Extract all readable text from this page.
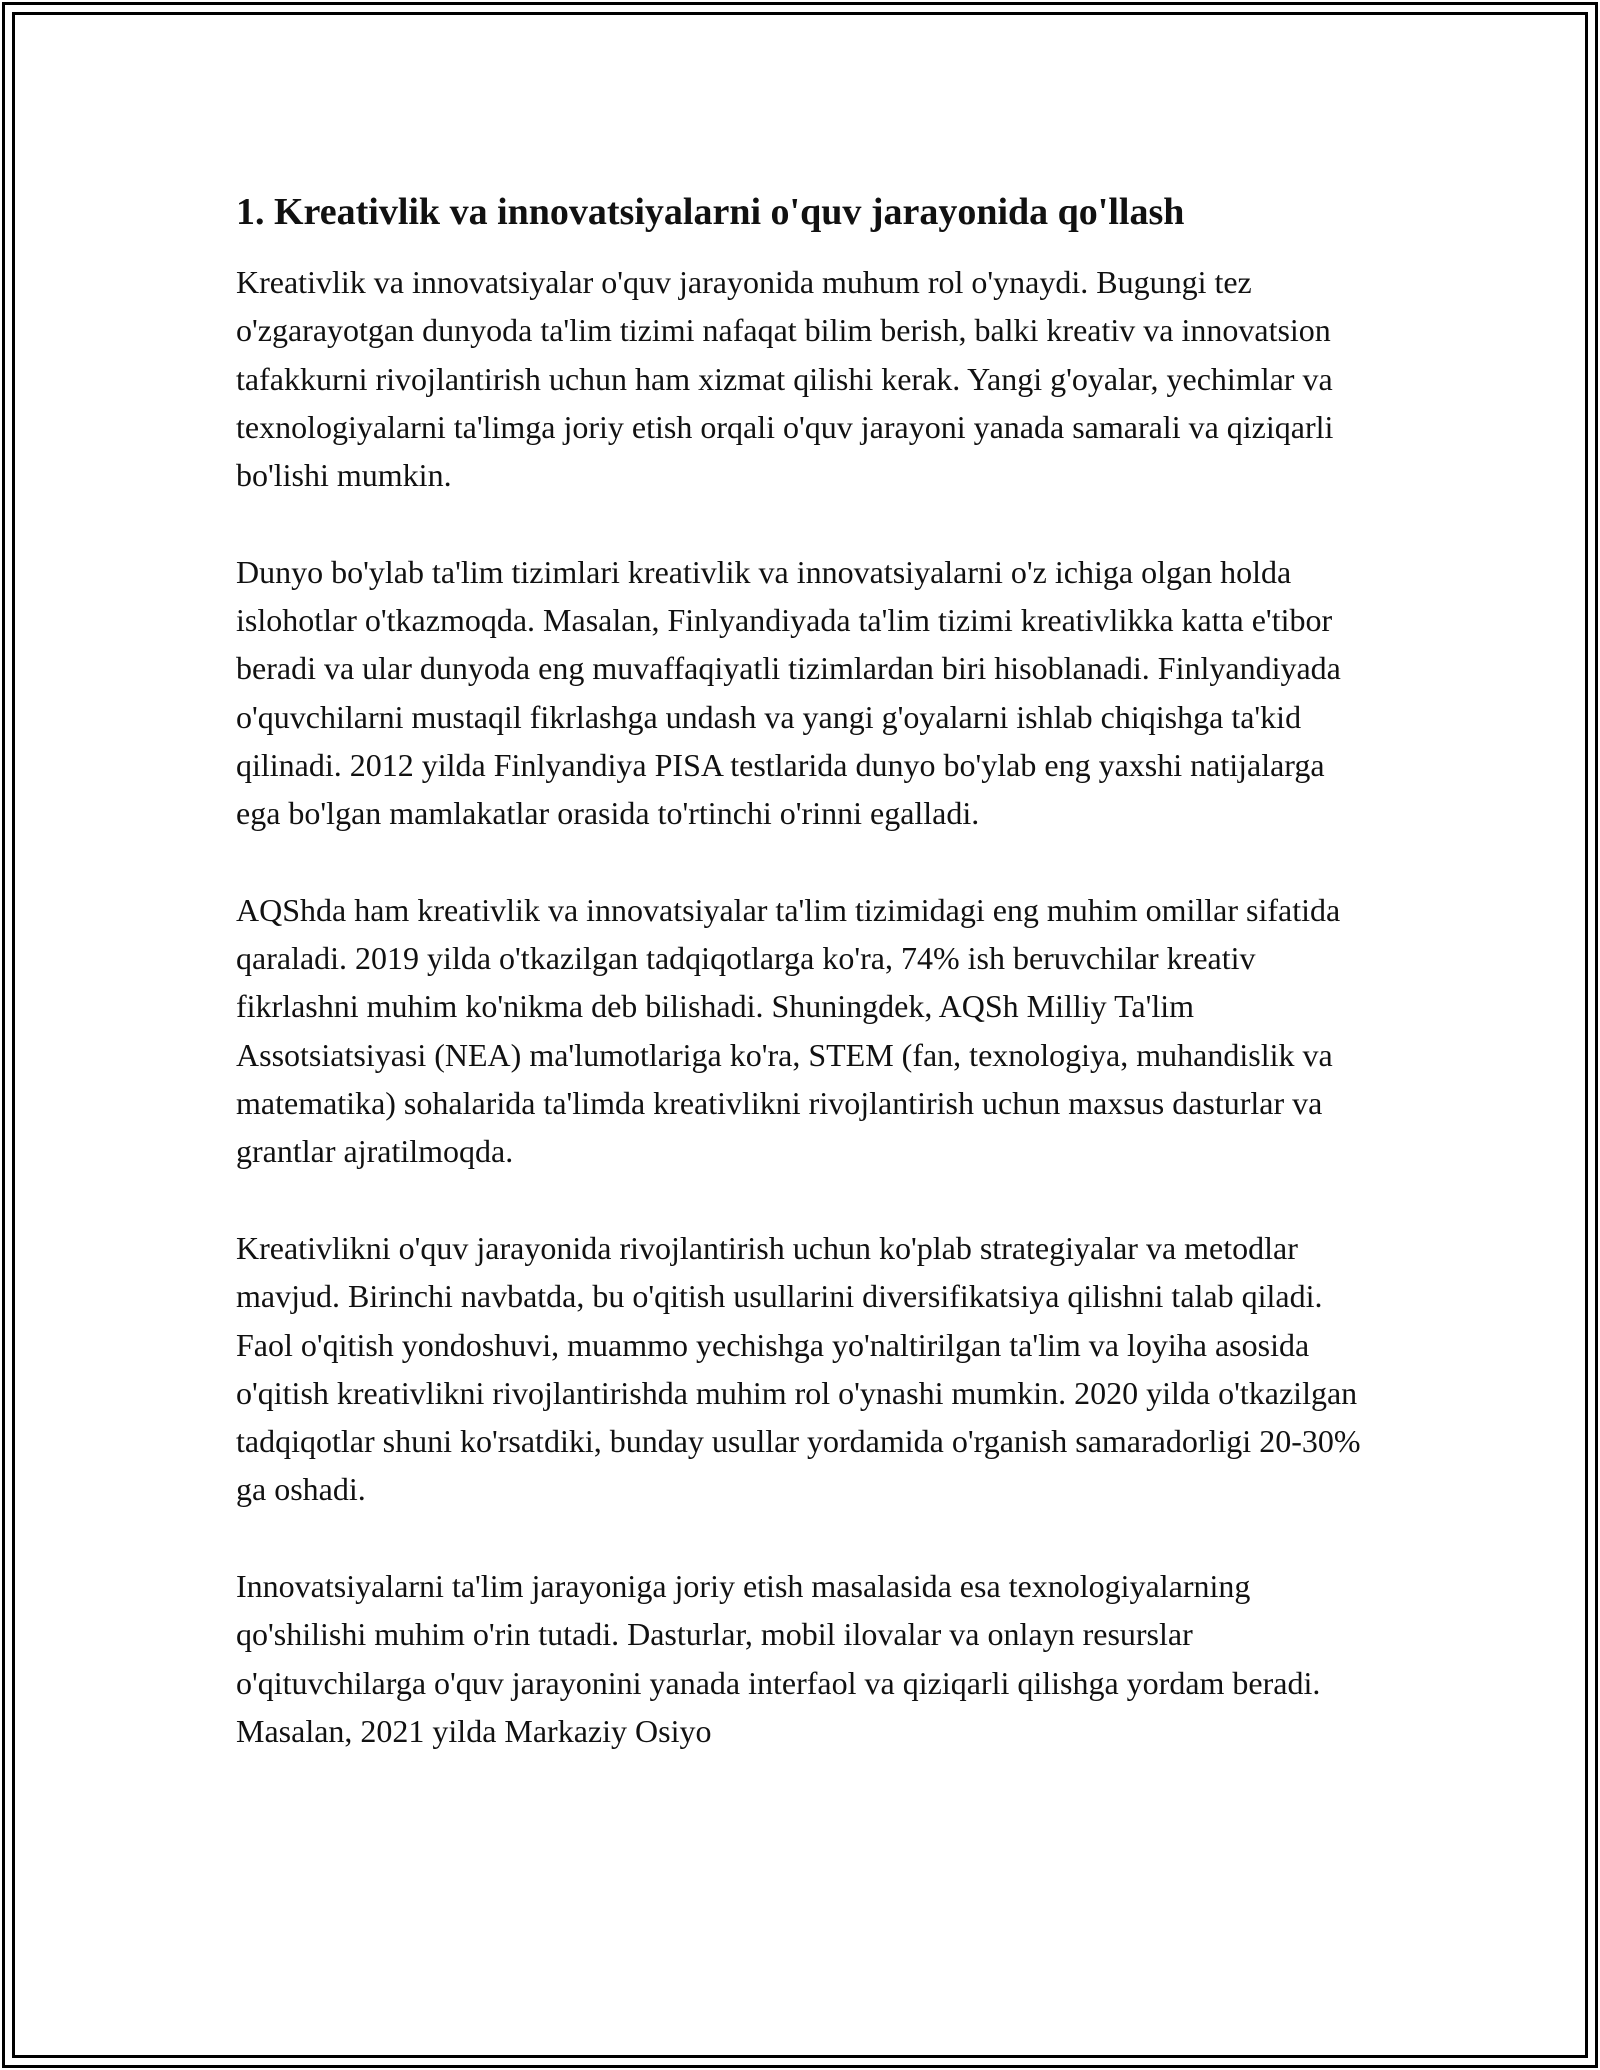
1. Kreativlik va innovatsiyalarni o'quv jarayonida qo'llash

Kreativlik va innovatsiyalar o'quv jarayonida muhum rol o'ynaydi. Bugungi tez o'zgarayotgan dunyoda ta'lim tizimi nafaqat bilim berish, balki kreativ va innovatsion tafakkurni rivojlantirish uchun ham xizmat qilishi kerak. Yangi g'oyalar, yechimlar va texnologiyalarni ta'limga joriy etish orqali o'quv jarayoni yanada samarali va qiziqarli bo'lishi mumkin.

Dunyo bo'ylab ta'lim tizimlari kreativlik va innovatsiyalarni o'z ichiga olgan holda islohotlar o'tkazmoqda. Masalan, Finlyandiyada ta'lim tizimi kreativlikka katta e'tibor beradi va ular dunyoda eng muvaffaqiyatli tizimlardan biri hisoblanadi. Finlyandiyada o'quvchilarni mustaqil fikrlashga undash va yangi g'oyalarni ishlab chiqishga ta'kid qilinadi. 2012 yilda Finlyandiya PISA testlarida dunyo bo'ylab eng yaxshi natijalarga ega bo'lgan mamlakatlar orasida to'rtinchi o'rinni egalladi.

AQShda ham kreativlik va innovatsiyalar ta'lim tizimidagi eng muhim omillar sifatida qaraladi. 2019 yilda o'tkazilgan tadqiqotlarga ko'ra, 74% ish beruvchilar kreativ fikrlashni muhim ko'nikma deb bilishadi. Shuningdek, AQSh Milliy Ta'lim Assotsiatsiyasi (NEA) ma'lumotlariga ko'ra, STEM (fan, texnologiya, muhandislik va matematika) sohalarida ta'limda kreativlikni rivojlantirish uchun maxsus dasturlar va grantlar ajratilmoqda.

Kreativlikni o'quv jarayonida rivojlantirish uchun ko'plab strategiyalar va metodlar mavjud. Birinchi navbatda, bu o'qitish usullarini diversifikatsiya qilishni talab qiladi. Faol o'qitish yondoshuvi, muammo yechishga yo'naltirilgan ta'lim va loyiha asosida o'qitish kreativlikni rivojlantirishda muhim rol o'ynashi mumkin. 2020 yilda o'tkazilgan tadqiqotlar shuni ko'rsatdiki, bunday usullar yordamida o'rganish samaradorligi 20-30% ga oshadi.

Innovatsiyalarni ta'lim jarayoniga joriy etish masalasida esa texnologiyalarning qo'shilishi muhim o'rin tutadi. Dasturlar, mobil ilovalar va onlayn resurslar o'qituvchilarga o'quv jarayonini yanada interfaol va qiziqarli qilishga yordam beradi. Masalan, 2021 yilda Markaziy Osiyo
